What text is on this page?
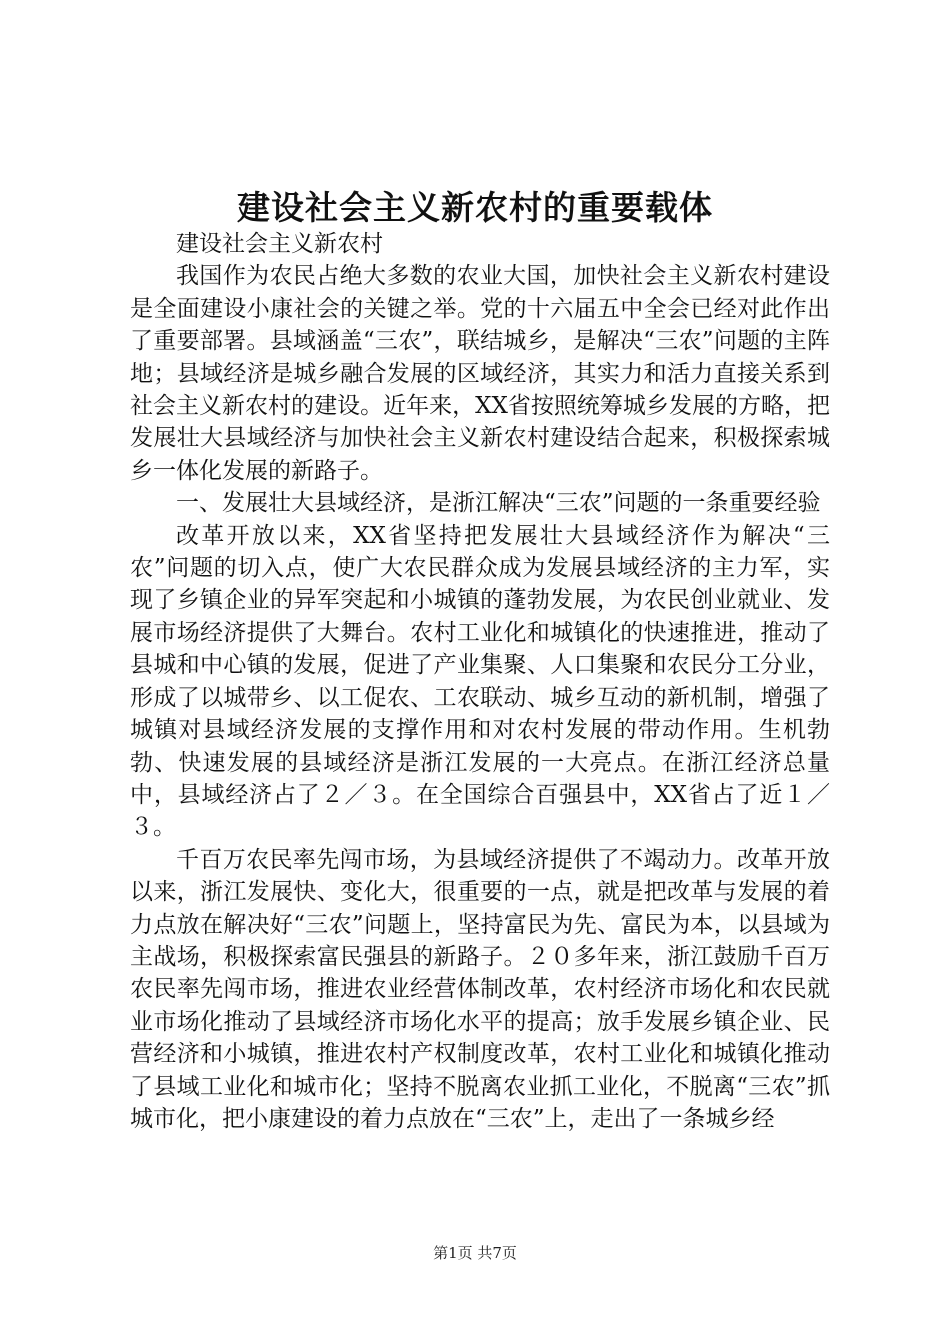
建设社会主义新农村的重要载体

建设社会主义新农村

我国作为农民占绝大多数的农业大国，加快社会主义新农村建设是全面建设小康社会的关键之举。党的十六届五中全会已经对此作出了重要部署。县域涵盖“三农”，联结城乡，是解决“三农”问题的主阵地；县域经济是城乡融合发展的区域经济，其实力和活力直接关系到社会主义新农村的建设。近年来，XX省按照统筹城乡发展的方略，把发展壮大县域经济与加快社会主义新农村建设结合起来，积极探索城乡一体化发展的新路子。

一、发展壮大县域经济，是浙江解决“三农”问题的一条重要经验

改革开放以来，XX省坚持把发展壮大县域经济作为解决“三农”问题的切入点，使广大农民群众成为发展县域经济的主力军，实现了乡镇企业的异军突起和小城镇的蓬勃发展，为农民创业就业、发展市场经济提供了大舞台。农村工业化和城镇化的快速推进，推动了县城和中心镇的发展，促进了产业集聚、人口集聚和农民分工分业，形成了以城带乡、以工促农、工农联动、城乡互动的新机制，增强了城镇对县域经济发展的支撑作用和对农村发展的带动作用。生机勃勃、快速发展的县域经济是浙江发展的一大亮点。在浙江经济总量中，县域经济占了２／３。在全国综合百强县中，XX省占了近１／３。

千百万农民率先闯市场，为县域经济提供了不竭动力。改革开放以来，浙江发展快、变化大，很重要的一点，就是把改革与发展的着力点放在解决好“三农”问题上，坚持富民为先、富民为本，以县域为主战场，积极探索富民强县的新路子。２０多年来，浙江鼓励千百万农民率先闯市场，推进农业经营体制改革，农村经济市场化和农民就业市场化推动了县域经济市场化水平的提高；放手发展乡镇企业、民营经济和小城镇，推进农村产权制度改革，农村工业化和城镇化推动了县域工业化和城市化；坚持不脱离农业抓工业化，不脱离“三农”抓城市化，把小康建设的着力点放在“三农”上，走出了一条城乡经

第1页 共7页
